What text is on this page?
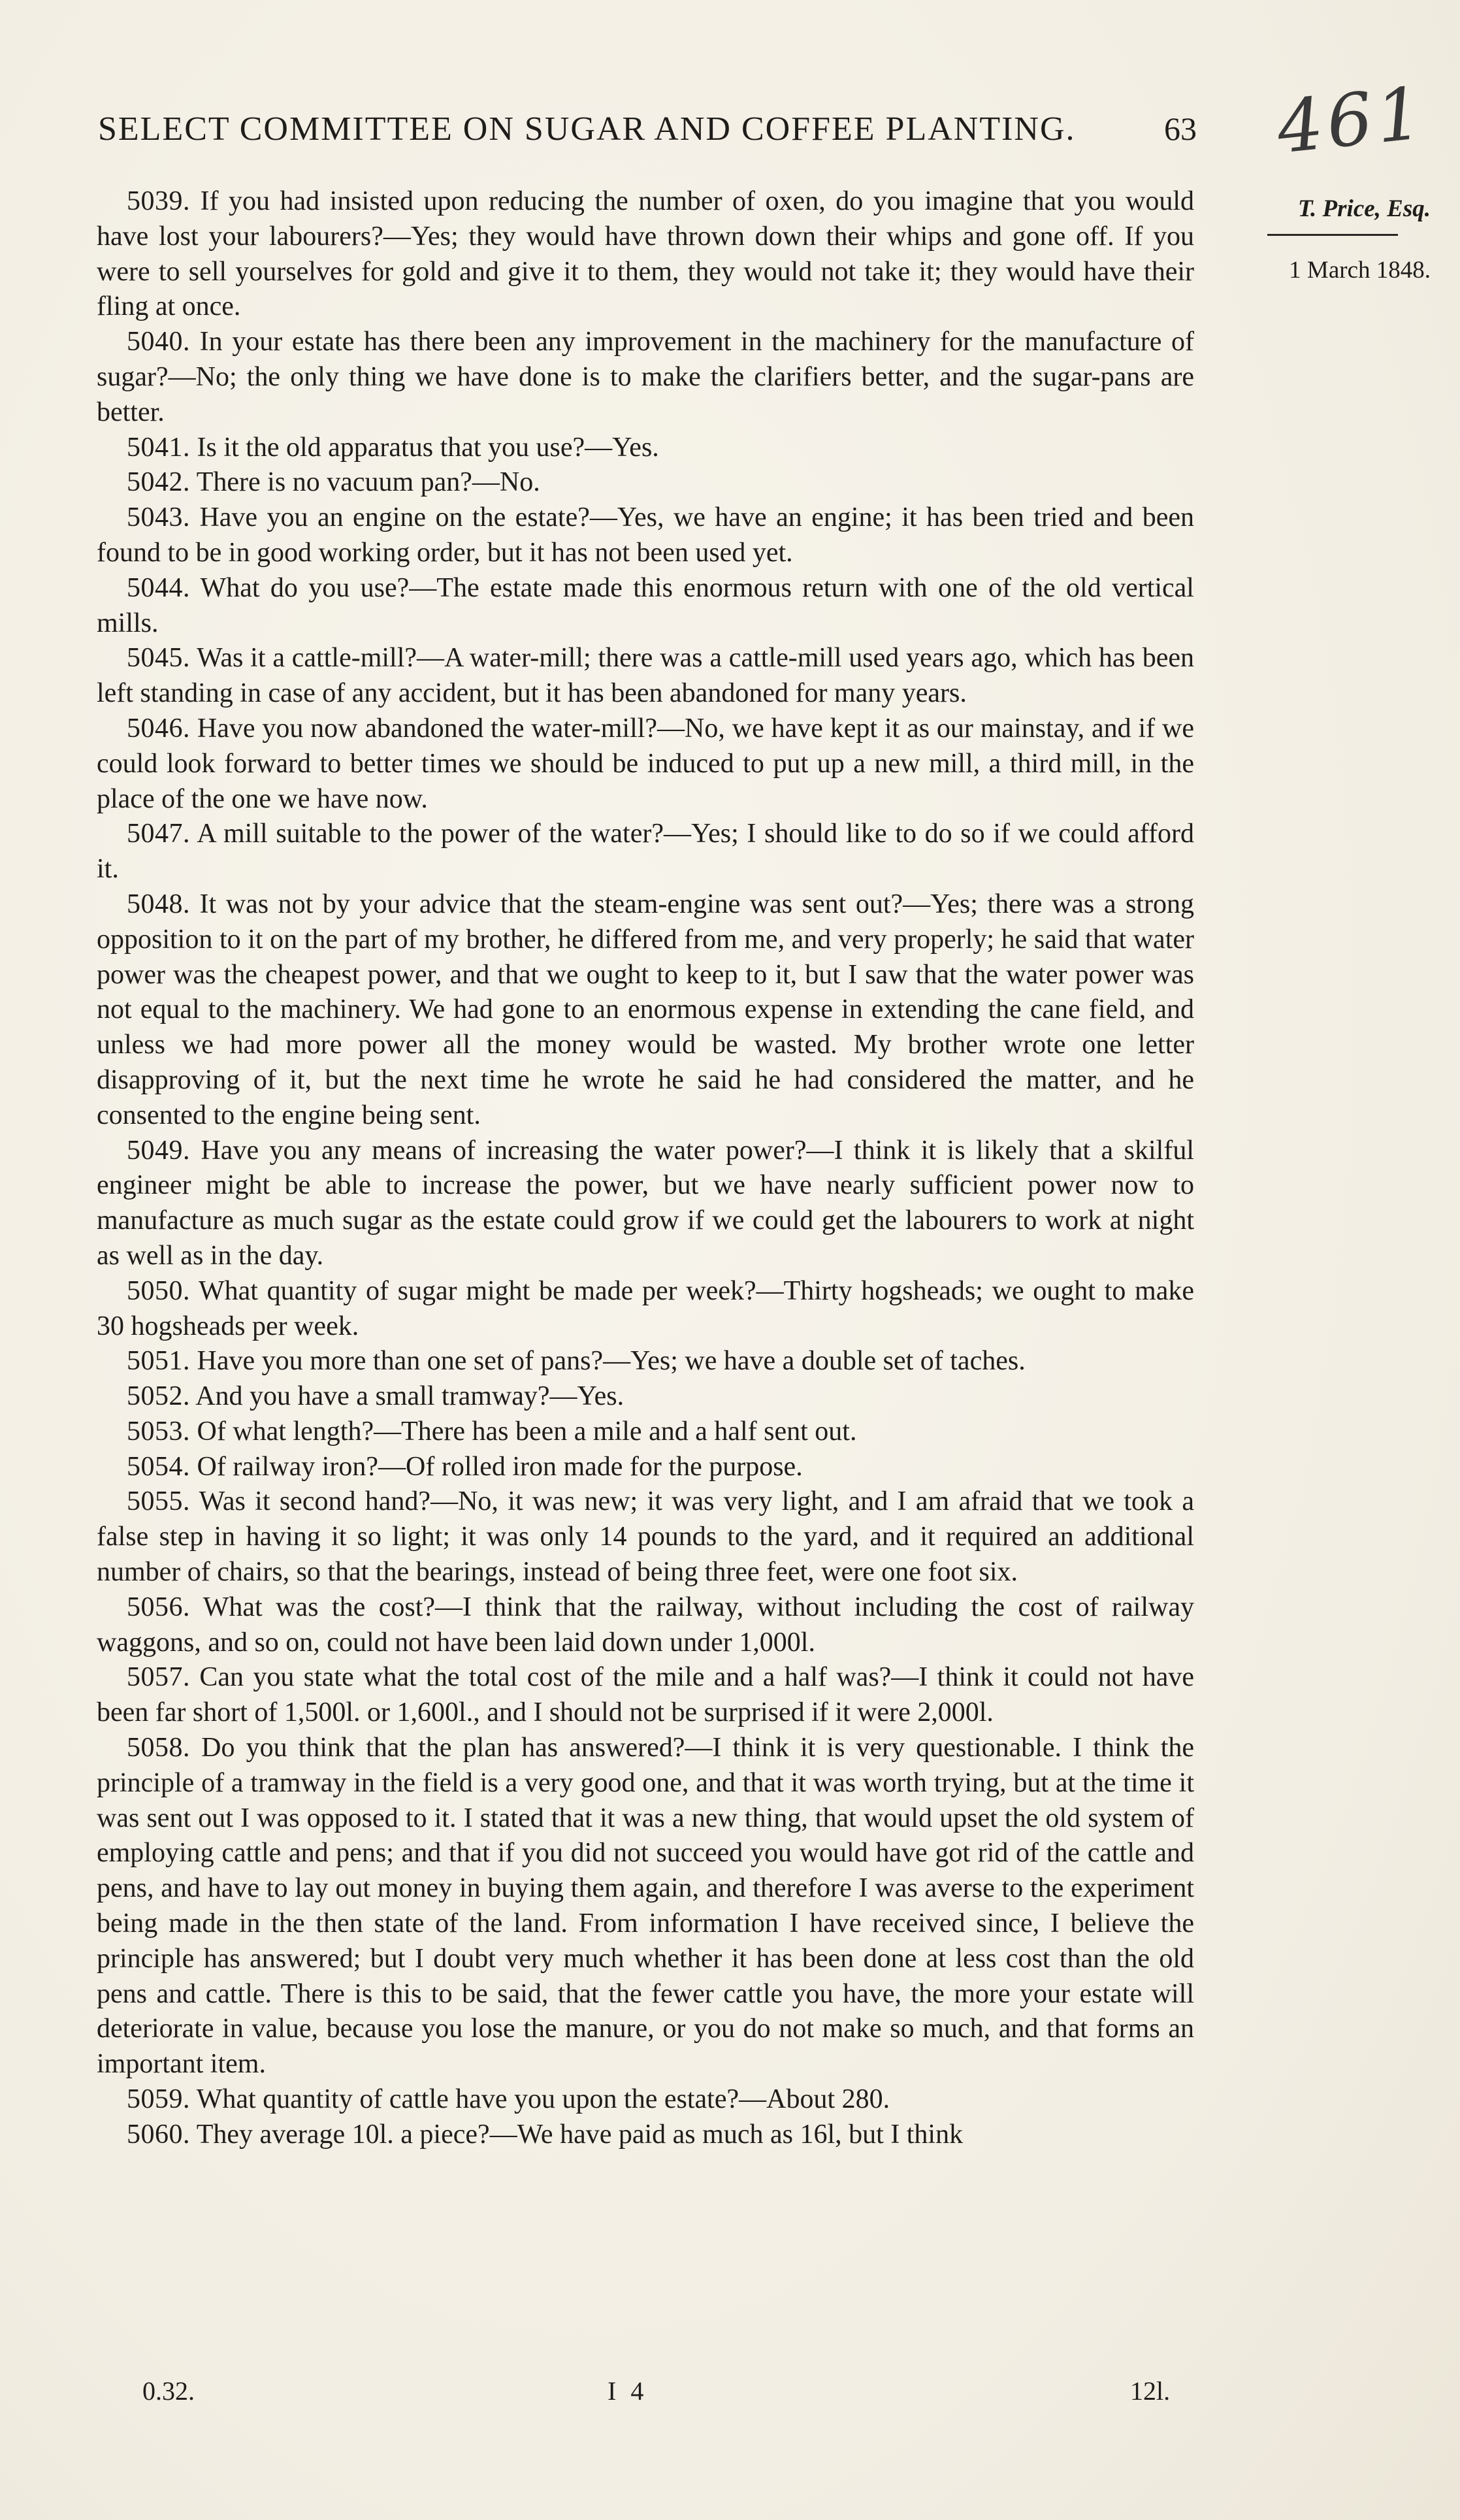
SELECT COMMITTEE ON SUGAR AND COFFEE PLANTING.	63 461
T. Price, Esq.
1 March 1848.

5039. If you had insisted upon reducing the number of oxen, do you imagine that you would have lost your labourers?—Yes; they would have thrown down their whips and gone off. If you were to sell yourselves for gold and give it to them, they would not take it; they would have their fling at once.

5040. In your estate has there been any improvement in the machinery for the manufacture of sugar?—No; the only thing we have done is to make the clarifiers better, and the sugar-pans are better.

5041. Is it the old apparatus that you use?—Yes.

5042. There is no vacuum pan?—No.

5043. Have you an engine on the estate?—Yes, we have an engine; it has been tried and been found to be in good working order, but it has not been used yet.

5044. What do you use?—The estate made this enormous return with one of the old vertical mills.

5045. Was it a cattle-mill?—A water-mill; there was a cattle-mill used years ago, which has been left standing in case of any accident, but it has been abandoned for many years.

5046. Have you now abandoned the water-mill?—No, we have kept it as our mainstay, and if we could look forward to better times we should be induced to put up a new mill, a third mill, in the place of the one we have now.

5047. A mill suitable to the power of the water?—Yes; I should like to do so if we could afford it.

5048. It was not by your advice that the steam-engine was sent out?—Yes; there was a strong opposition to it on the part of my brother, he differed from me, and very properly; he said that water power was the cheapest power, and that we ought to keep to it, but I saw that the water power was not equal to the machinery. We had gone to an enormous expense in extending the cane field, and unless we had more power all the money would be wasted. My brother wrote one letter disapproving of it, but the next time he wrote he said he had considered the matter, and he consented to the engine being sent.

5049. Have you any means of increasing the water power?—I think it is likely that a skilful engineer might be able to increase the power, but we have nearly sufficient power now to manufacture as much sugar as the estate could grow if we could get the labourers to work at night as well as in the day.

5050. What quantity of sugar might be made per week?—Thirty hogsheads; we ought to make 30 hogsheads per week.

5051. Have you more than one set of pans?—Yes; we have a double set of taches.

5052. And you have a small tramway?—Yes.

5053. Of what length?—There has been a mile and a half sent out.

5054. Of railway iron?—Of rolled iron made for the purpose.

5055. Was it second hand?—No, it was new; it was very light, and I am afraid that we took a false step in having it so light; it was only 14 pounds to the yard, and it required an additional number of chairs, so that the bearings, instead of being three feet, were one foot six.

5056. What was the cost?—I think that the railway, without including the cost of railway waggons, and so on, could not have been laid down under 1,000l.

5057. Can you state what the total cost of the mile and a half was?—I think it could not have been far short of 1,500l. or 1,600l., and I should not be surprised if it were 2,000l.

5058. Do you think that the plan has answered?—I think it is very questionable. I think the principle of a tramway in the field is a very good one, and that it was worth trying, but at the time it was sent out I was opposed to it. I stated that it was a new thing, that would upset the old system of employing cattle and pens; and that if you did not succeed you would have got rid of the cattle and pens, and have to lay out money in buying them again, and therefore I was averse to the experiment being made in the then state of the land. From information I have received since, I believe the principle has answered; but I doubt very much whether it has been done at less cost than the old pens and cattle. There is this to be said, that the fewer cattle you have, the more your estate will deteriorate in value, because you lose the manure, or you do not make so much, and that forms an important item.

5059. What quantity of cattle have you upon the estate?—About 280.

5060. They average 10l. a piece?—We have paid as much as 16l, but I think

0.32.	I 4	12l.
